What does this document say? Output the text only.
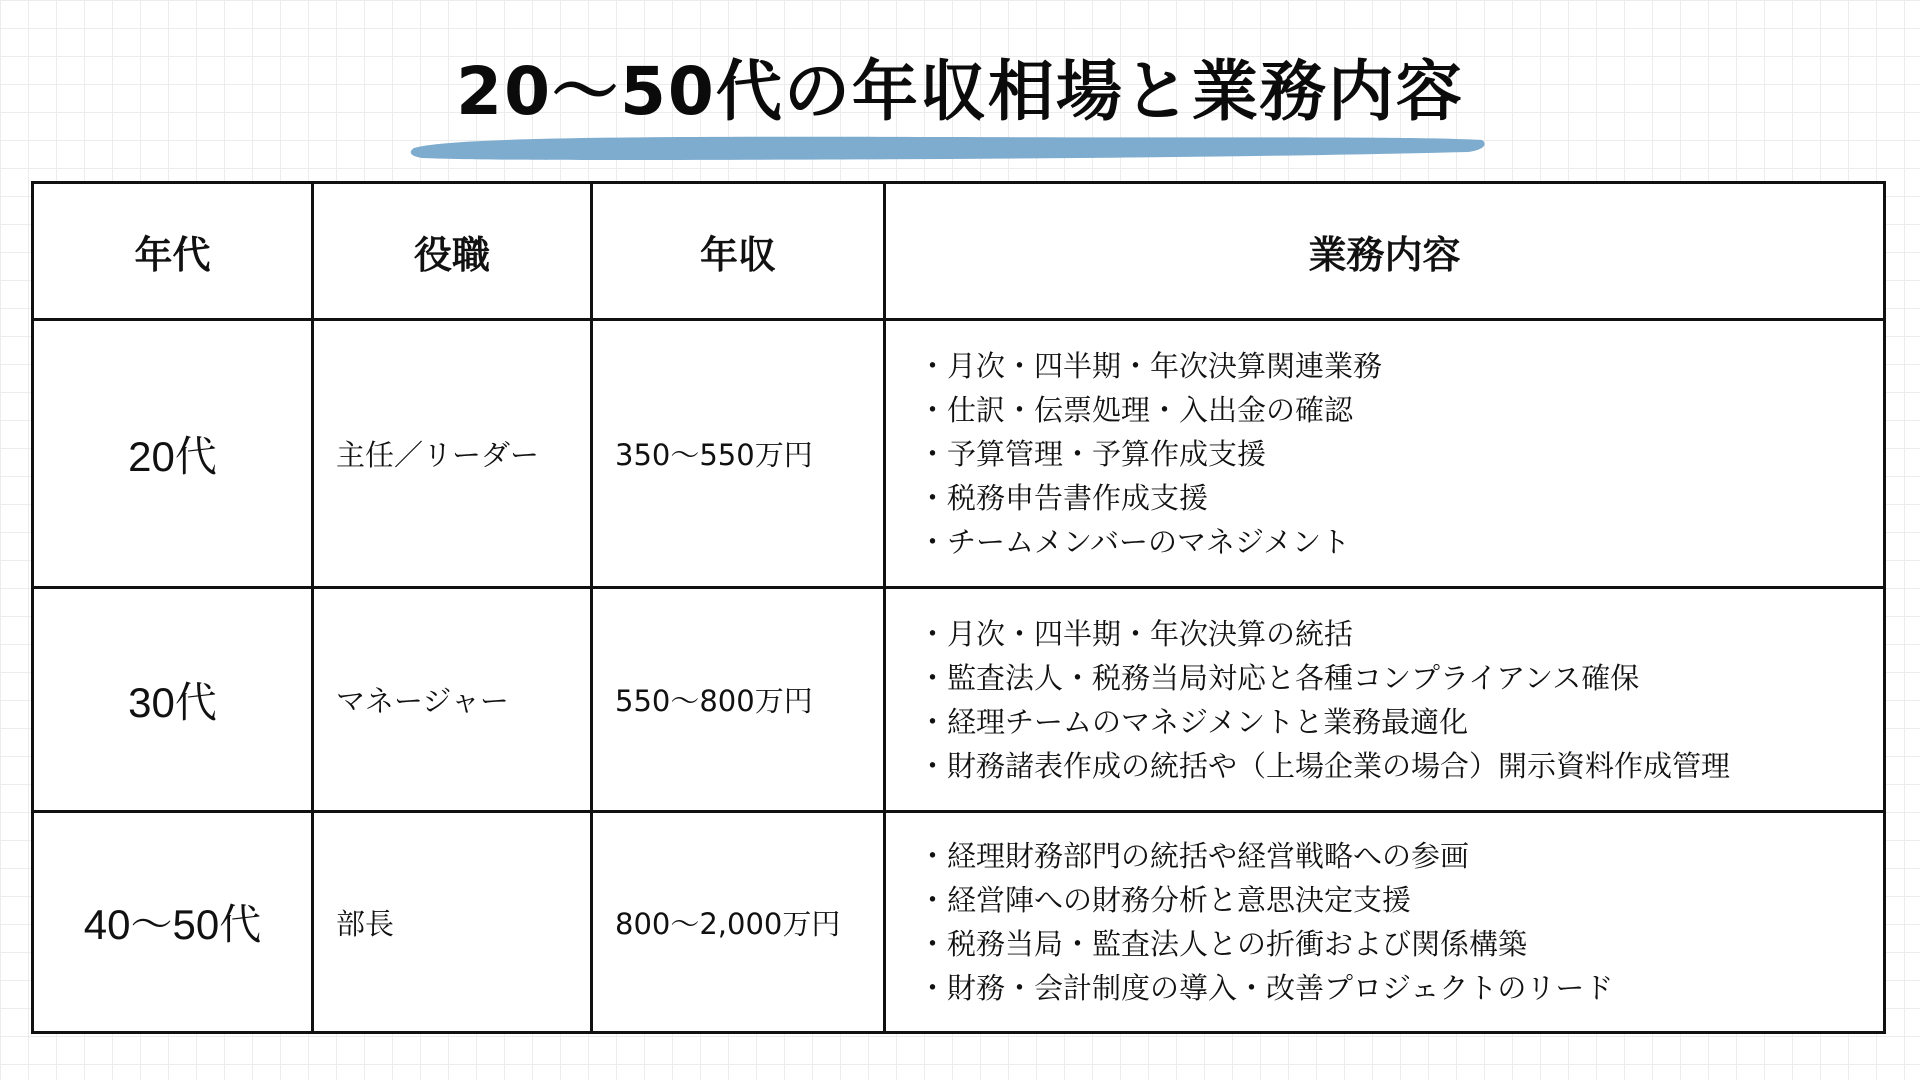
20〜50代の年収相場と業務内容
年代	役職	年収	業務内容
20代	主任／リーダー	350〜550万円
・ 月次・四半期・年次決算関連業務
・ 仕訳・伝票処理・入出金の確認
・ 予算管理・予算作成支援
・ 税務申告書作成支援
・ チームメンバーのマネジメント
30代	マネージャー	550〜800万円
・ 月次・四半期・年次決算の統括
・ 監査法人・税務当局対応と各種コンプライアンス確保
・ 経理チームのマネジメントと業務最適化
・ 財務諸表作成の統括や（上場企業の場合）開示資料作成管理
40〜50代	部長	800〜2,000万円
・ 経理財務部門の統括や経営戦略への参画
・ 経営陣への財務分析と意思決定支援
・ 税務当局・監査法人との折衝および関係構築
・ 財務・会計制度の導入・改善プロジェクトのリード
